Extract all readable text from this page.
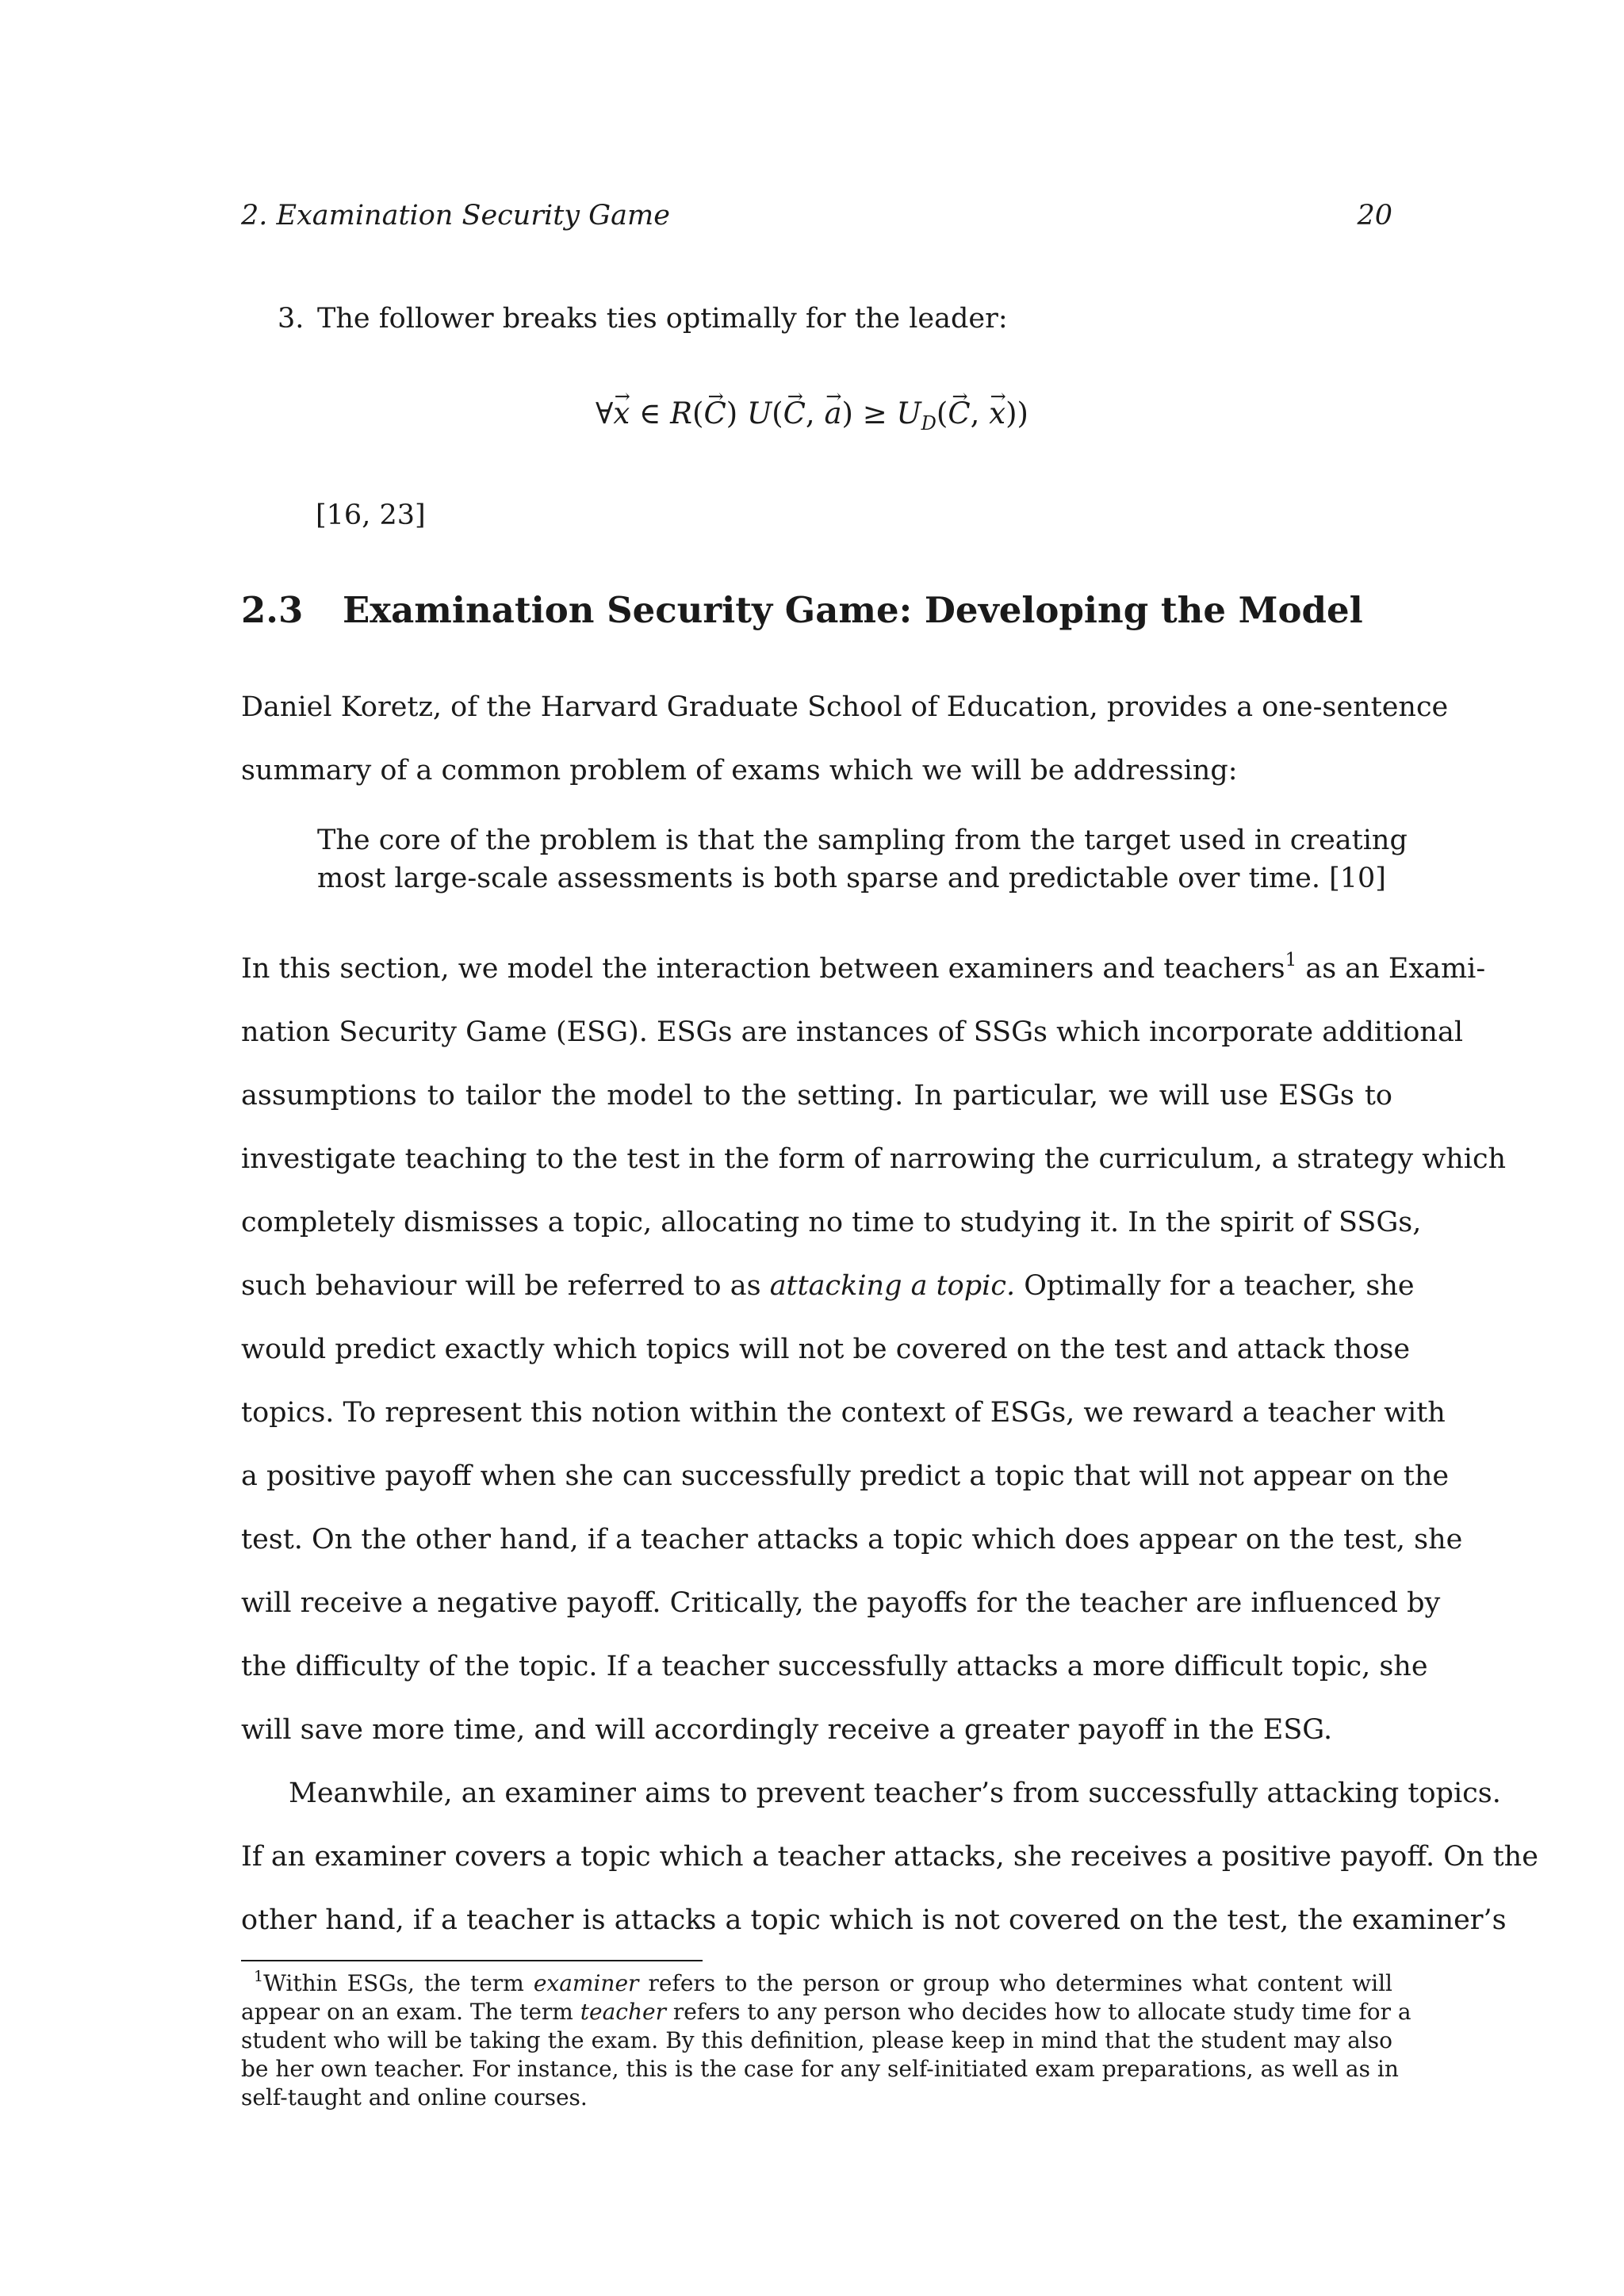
2. Examination Security Game	20
3. The follower breaks ties optimally for the leader:
∀→ x ∈ R(→ C) U(→ C, → $a) \ge U_D(\to C$, → x))
[16, 23]
2.3 Examination Security Game: Developing the Model
Daniel Koretz, of the Harvard Graduate School of Education, provides a one-sentence
summary of a common problem of exams which we will be addressing:
The core of the problem is that the sampling from the target used in creating
most large-scale assessments is both sparse and predictable over time. [10]
In this section, we model the interaction between examiners and teachers$^1$ as an Exami-
nation Security Game (ESG). ESGs are instances of SSGs which incorporate additional
assumptions to tailor the model to the setting. In particular, we will use ESGs to
investigate teaching to the test in the form of narrowing the curriculum, a strategy which
completely dismisses a topic, allocating no time to studying it. In the spirit of SSGs,
such behaviour will be referred to as attacking a topic. Optimally for a teacher, she
would predict exactly which topics will not be covered on the test and attack those
topics. To represent this notion within the context of ESGs, we reward a teacher with
a positive payoff when she can successfully predict a topic that will not appear on the
test. On the other hand, if a teacher attacks a topic which does appear on the test, she
will receive a negative payoff. Critically, the payoffs for the teacher are influenced by
the difficulty of the topic. If a teacher successfully attacks a more difficult topic, she
will save more time, and will accordingly receive a greater payoff in the ESG.
Meanwhile, an examiner aims to prevent teacher’s from successfully attacking topics.
If an examiner covers a topic which a teacher attacks, she receives a positive payoff. On the
other hand, if a teacher is attacks a topic which is not covered on the test, the examiner’s
$^1$Within ESGs, the term examiner refers to the person or group who determines what content will
appear on an exam. The term teacher refers to any person who decides how to allocate study time for a
student who will be taking the exam. By this definition, please keep in mind that the student may also
be her own teacher. For instance, this is the case for any self-initiated exam preparations, as well as in
self-taught and online courses.
